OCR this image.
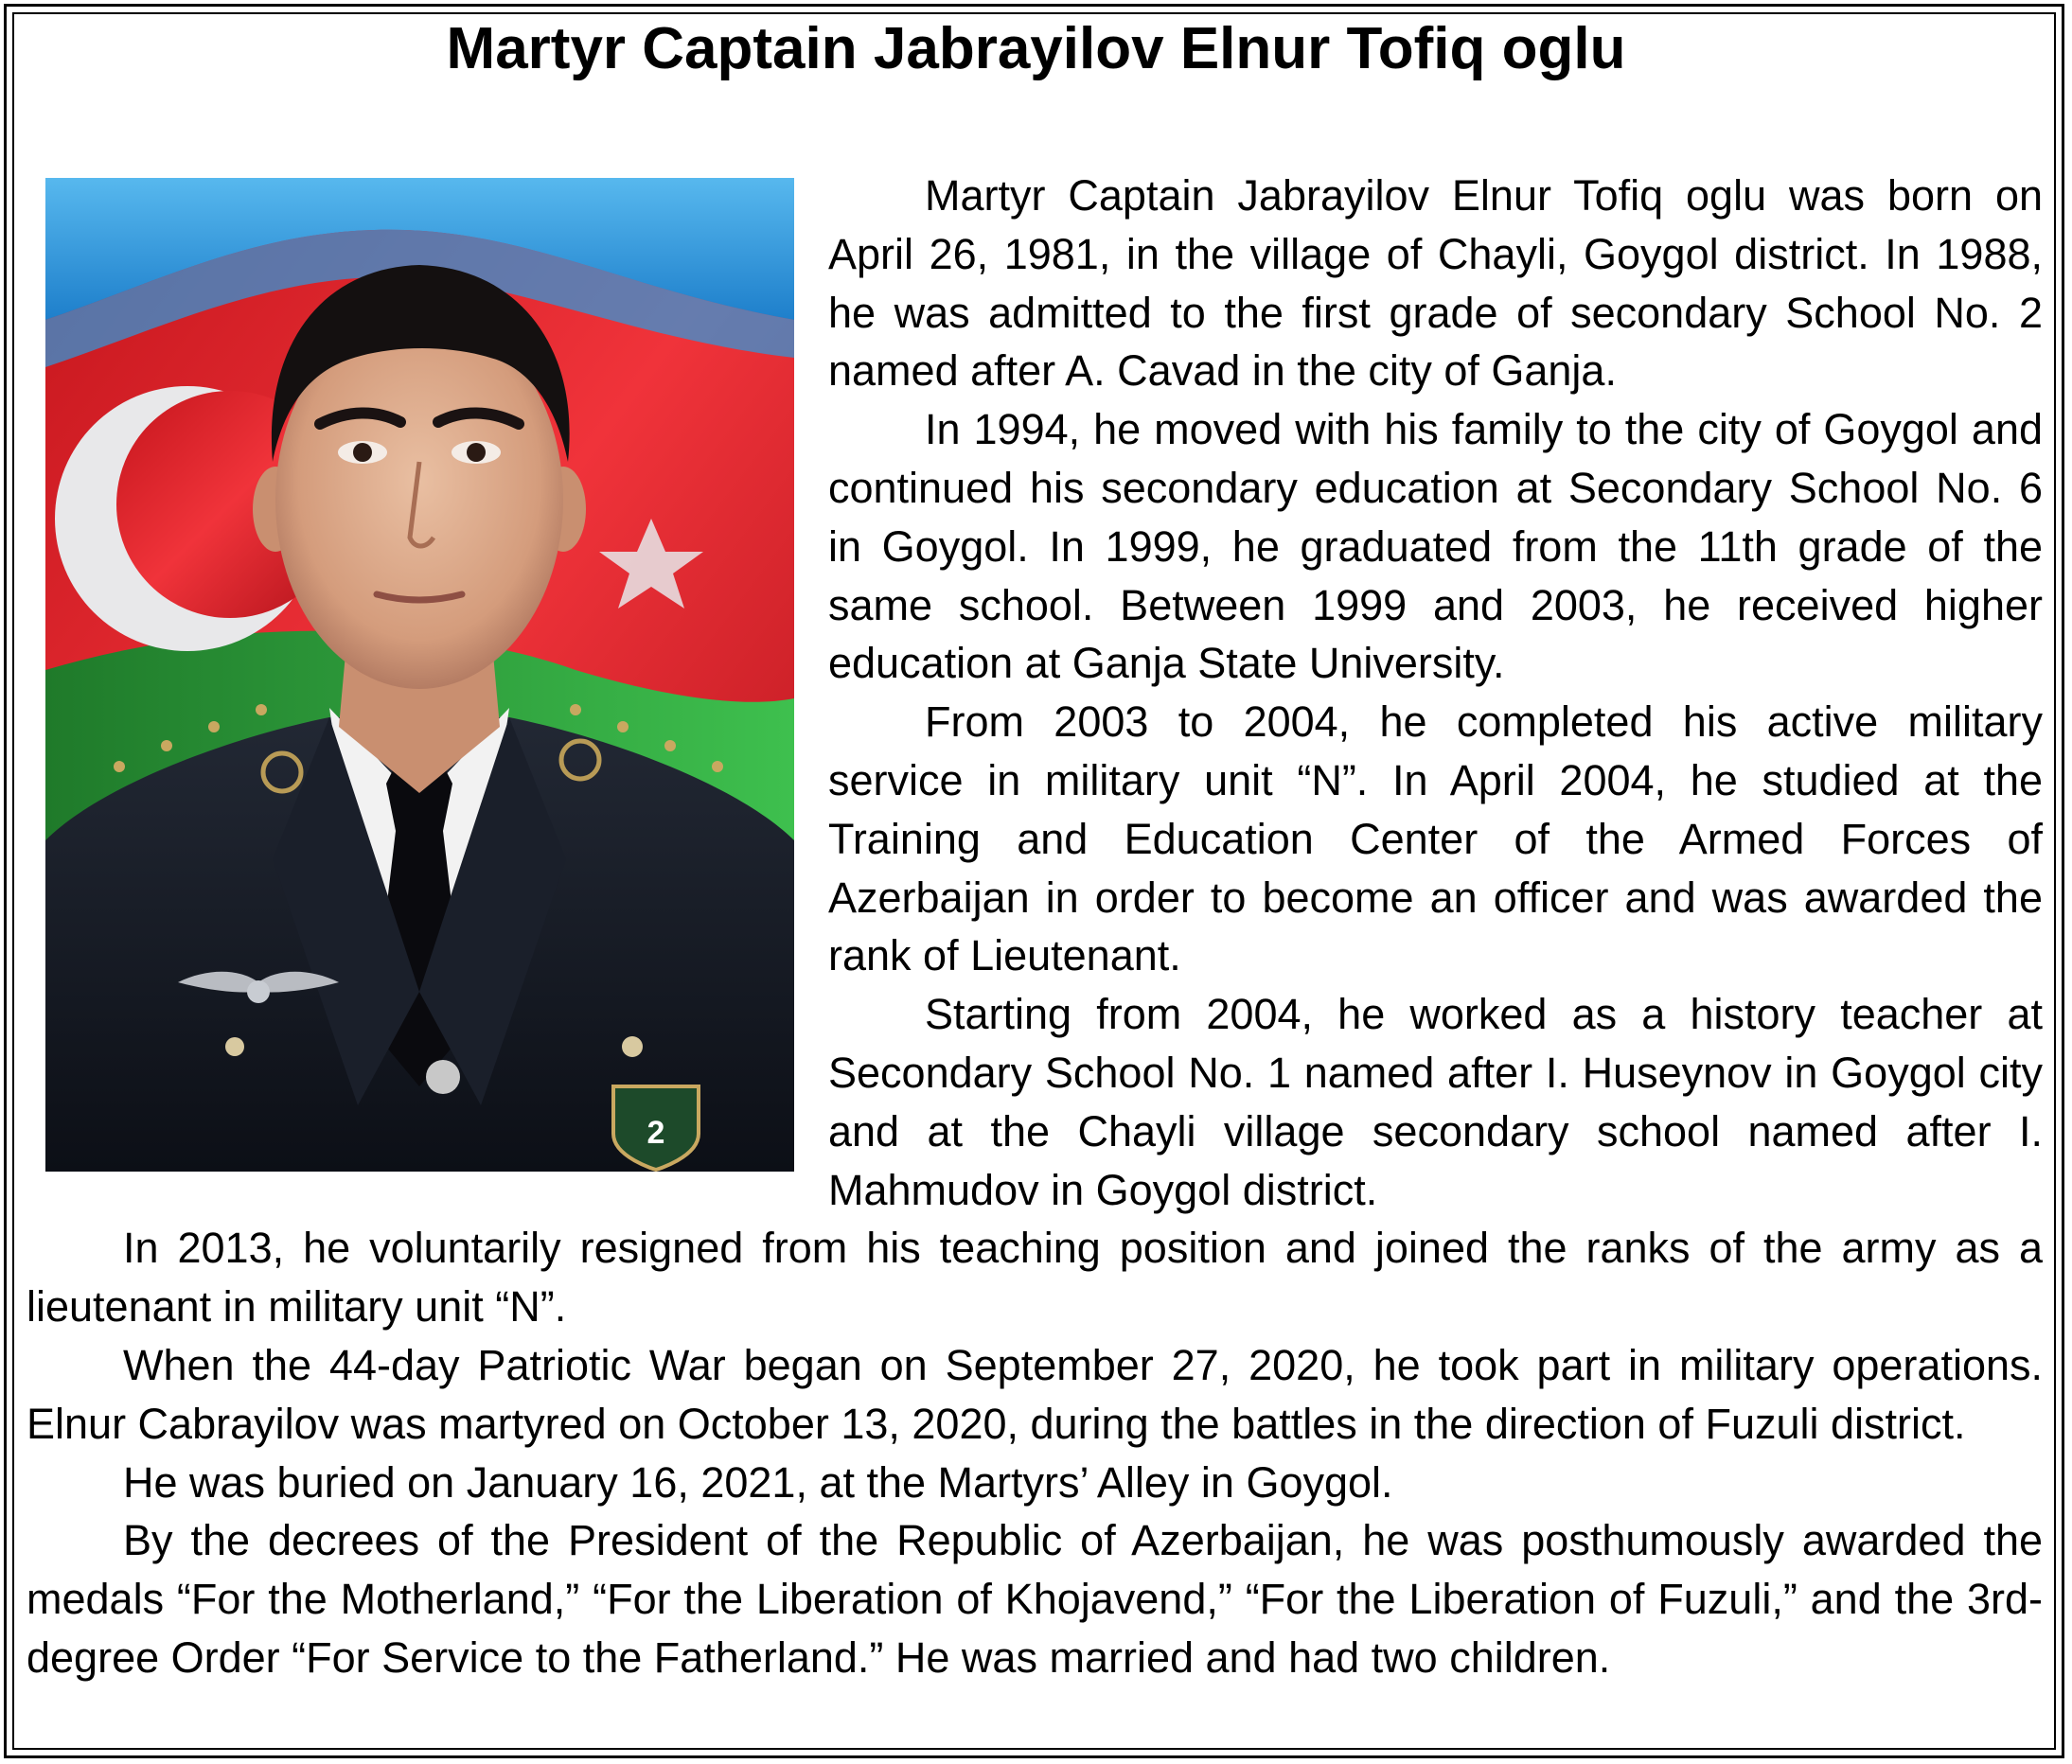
Martyr Captain Jabrayilov Elnur Tofiq oglu
2

Martyr Captain Jabrayilov Elnur Tofiq oglu was born on April 26, 1981, in the village of Chayli, Goygol district. In 1988, he was admitted to the first grade of secondary School No. 2 named after A. Cavad in the city of Ganja.

In 1994, he moved with his family to the city of Goygol and continued his secondary education at Secondary School No. 6 in Goygol. In 1999, he graduated from the 11th grade of the same school. Between 1999 and 2003, he received higher education at Ganja State University.

From 2003 to 2004, he completed his active military service in military unit “N”. In April 2004, he studied at the Training and Education Center of the Armed Forces of Azerbaijan in order to become an officer and was awarded the rank of Lieutenant.

Starting from 2004, he worked as a history teacher at Secondary School No. 1 named after I. Huseynov in Goygol city and at the Chayli village secondary school named after I. Mahmudov in Goygol district.

In 2013, he voluntarily resigned from his teaching position and joined the ranks of the army as a lieutenant in military unit “N”.

When the 44-day Patriotic War began on September 27, 2020, he took part in military operations. Elnur Cabrayilov was martyred on October 13, 2020, during the battles in the direction of Fuzuli district.

He was buried on January 16, 2021, at the Martyrs’ Alley in Goygol.

By the decrees of the President of the Republic of Azerbaijan, he was posthumously awarded the medals “For the Motherland,” “For the Liberation of Khojavend,” “For the Liberation of Fuzuli,” and the 3rd-degree Order “For Service to the Fatherland.” He was married and had two children.
